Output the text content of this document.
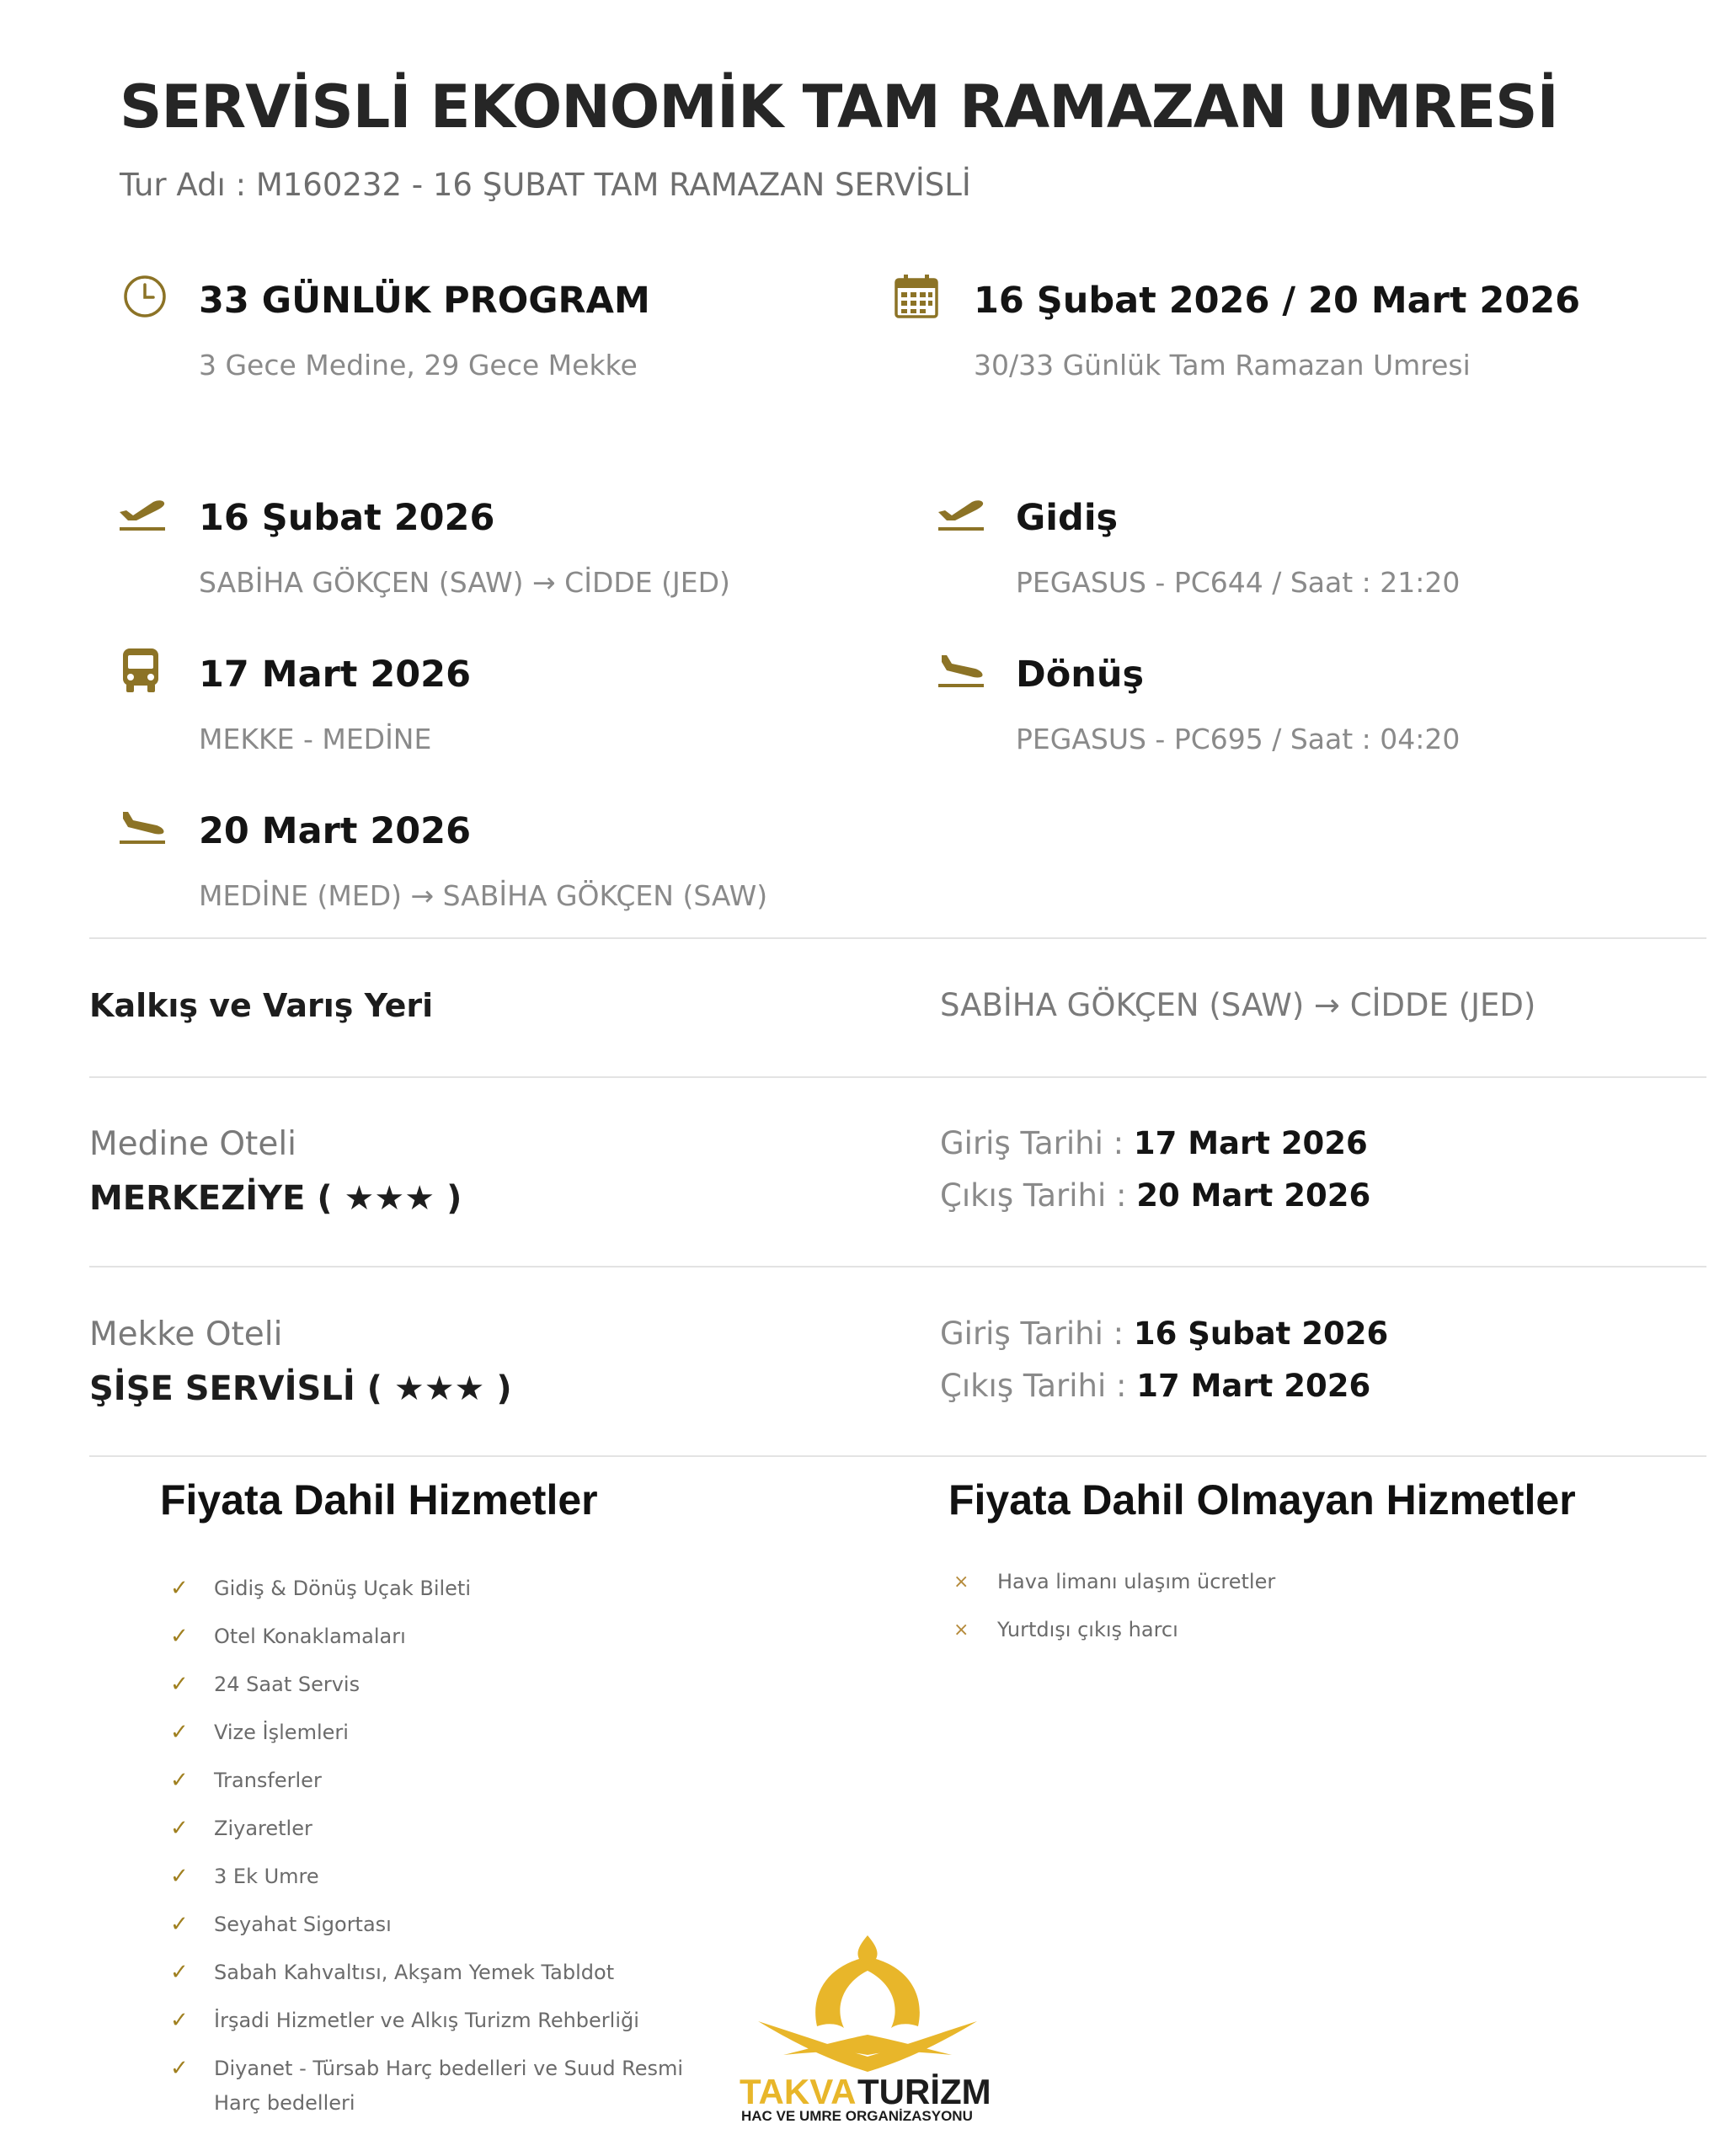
SERVİSLİ EKONOMİK TAM RAMAZAN UMRESİ
Tur Adı : M160232 - 16 ŞUBAT TAM RAMAZAN SERVİSLİ
33 GÜNLÜK PROGRAM
3 Gece Medine, 29 Gece Mekke
16 Şubat 2026 / 20 Mart 2026
30/33 Günlük Tam Ramazan Umresi
16 Şubat 2026
SABİHA GÖKÇEN (SAW) → CİDDE (JED)
17 Mart 2026
MEKKE - MEDİNE
20 Mart 2026
MEDİNE (MED) → SABİHA GÖKÇEN (SAW)
Gidiş
PEGASUS - PC644 / Saat : 21:20
Dönüş
PEGASUS - PC695 / Saat : 04:20
Kalkış ve Varış Yeri	SABİHA GÖKÇEN (SAW) → CİDDE (JED)
Medine Oteli
MERKEZİYE ( ★★★ )
Giriş Tarihi : 17 Mart 2026
Çıkış Tarihi : 20 Mart 2026
Mekke Oteli
ŞİŞE SERVİSLİ ( ★★★ )
Giriş Tarihi : 16 Şubat 2026
Çıkış Tarihi : 17 Mart 2026
Fiyata Dahil Hizmetler
✓	Gidiş & Dönüş Uçak Bileti
✓	Otel Konaklamaları
✓	24 Saat Servis
✓	Vize İşlemleri
✓	Transferler
✓	Ziyaretler
✓	3 Ek Umre
✓	Seyahat Sigortası
✓	Sabah Kahvaltısı, Akşam Yemek Tabldot
✓	İrşadi Hizmetler ve Alkış Turizm Rehberliği
✓	Diyanet - Türsab Harç bedelleri ve Suud Resmi Harç bedelleri
Fiyata Dahil Olmayan Hizmetler
×	Hava limanı ulaşım ücretler
×	Yurtdışı çıkış harcı
TAKVA TURİZM
HAC VE UMRE ORGANİZASYONU
